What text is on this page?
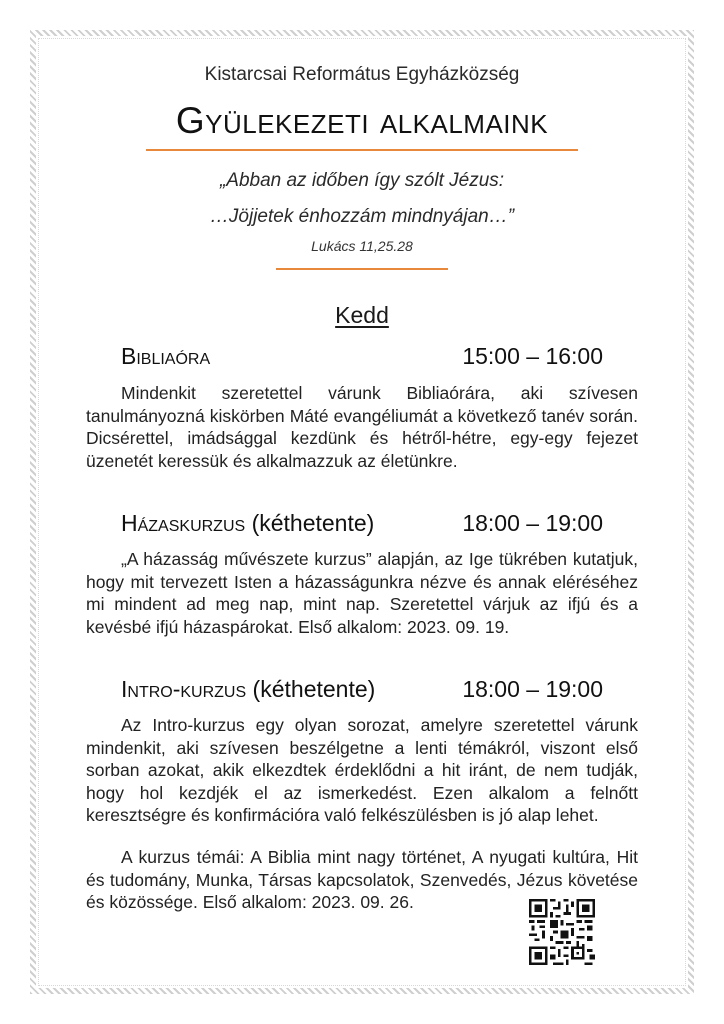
Kistarcsai Református Egyházközség
Gyülekezeti alkalmaink
„Abban az időben így szólt Jézus:
…Jöjjetek énhozzám mindnyájan…”
Lukács 11,25.28
Kedd
Bibliaóra	15:00 – 16:00
Mindenkit szeretettel várunk Bibliaórára, aki szívesen tanulmányozná kiskörben Máté evangéliumát a következő tanév során. Dicsérettel, imádsággal kezdünk és hétről-hétre, egy-egy fejezet üzenetét keressük és alkalmazzuk az életünkre.
Házaskurzus (kéthetente)	18:00 – 19:00
„A házasság művészete kurzus” alapján, az Ige tükrében kutatjuk, hogy mit tervezett Isten a házasságunkra nézve és annak eléréséhez mi mindent ad meg nap, mint nap. Szeretettel várjuk az ifjú és a kevésbé ifjú házaspárokat. Első alkalom: 2023. 09. 19.
Intro-kurzus (kéthetente)	18:00 – 19:00
Az Intro-kurzus egy olyan sorozat, amelyre szeretettel várunk mindenkit, aki szívesen beszélgetne a lenti témákról, viszont első sorban azokat, akik elkezdtek érdeklődni a hit iránt, de nem tudják, hogy hol kezdjék el az ismerkedést. Ezen alkalom a felnőtt keresztségre és konfirmációra való felkészülésben is jó alap lehet.
A kurzus témái: A Biblia mint nagy történet, A nyugati kultúra, Hit és tudomány, Munka, Társas kapcsolatok, Szenvedés, Jézus követése és közössége. Első alkalom: 2023. 09. 26.
